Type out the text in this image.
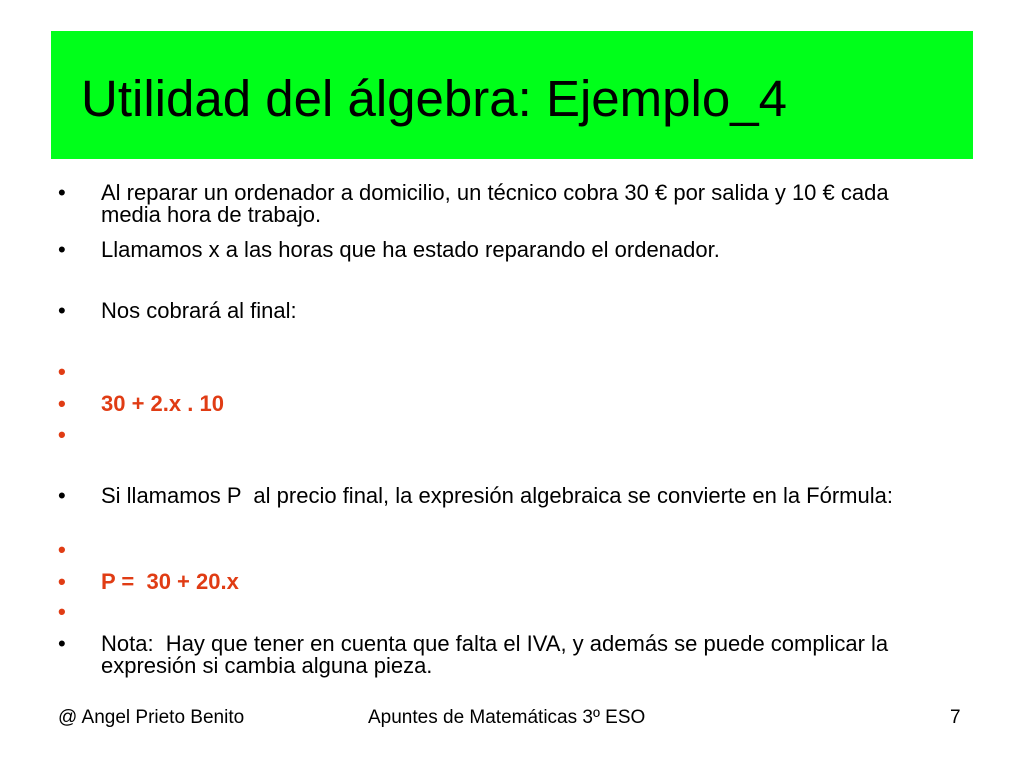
Utilidad del álgebra: Ejemplo_4
• Al reparar un ordenador a domicilio, un técnico cobra 30 € por salida y 10 € cada media hora de trabajo.
• Llamamos x a las horas que ha estado reparando el ordenador.
• Nos cobrará al final:
•
• 30 + 2.x . 10
•
• Si llamamos P  al precio final, la expresión algebraica se convierte en la Fórmula:
•
• P =  30 + 20.x
•
• Nota:  Hay que tener en cuenta que falta el IVA, y además se puede complicar la expresión si cambia alguna pieza.
@ Angel Prieto Benito	Apuntes de Matemáticas 3º ESO	7
